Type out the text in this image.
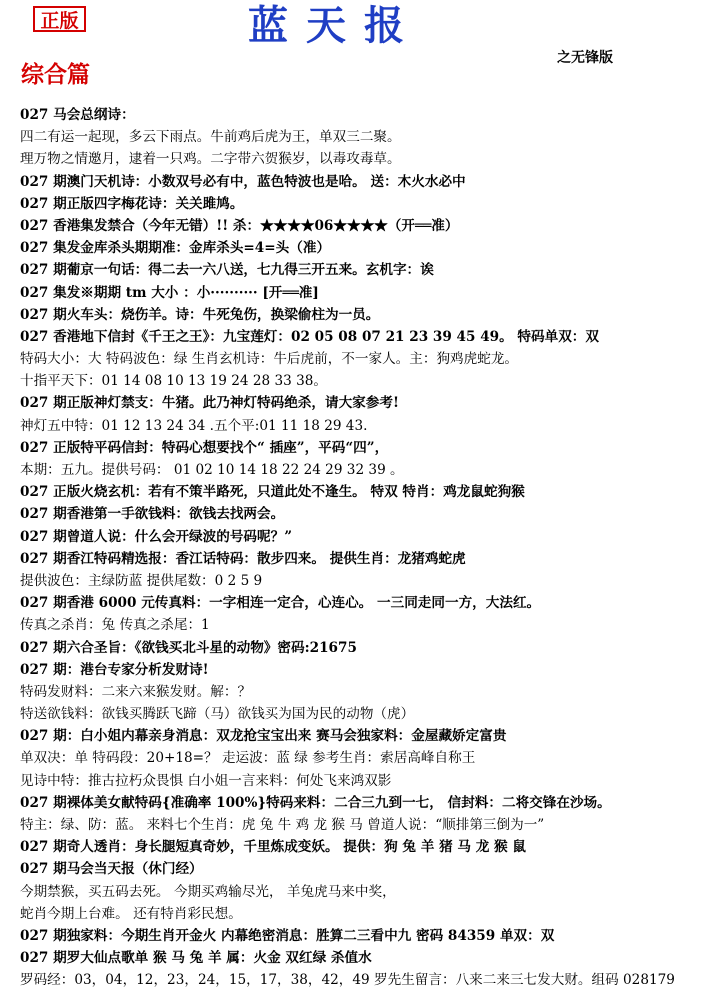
正版	蓝天报
之无锋版
综合篇
027 马会总纲诗：
四二有运一起现，多云下雨点。牛前鸡后虎为王，单双三二聚。
理万物之情邀月，逮着一只鸡。二字带六贺猴岁，以毒攻毒草。
027 期澳门天机诗：小数双号必有中，蓝色特波也是哈。 送：木火水必中
027 期正版四字梅花诗：关关雎鸠。
027 香港集发禁合（今年无错）!! 杀：★★★★06★★★★（开══准）
027 集发金库杀头期期准：金库杀头=4=头（准）
027 期葡京一句话：得二去一六八送，七九得三开五来。玄机字：诶
027 集发※期期 tm 大小 ：小·········· [开══准]
027 期火车头：烧伤羊。诗：牛死兔伤，换梁偷柱为一员。
027 香港地下信封《千王之王》：九宝莲灯：02 05 08 07 21 23 39 45 49。 特码单双：双
特码大小：大 特码波色：绿 生肖玄机诗：牛后虎前，不一家人。主：狗鸡虎蛇龙。
十指平天下：01 14 08 10 13 19 24 28 33 38。
027 期正版神灯禁支：牛猪。此乃神灯特码绝杀，请大家参考!
神灯五中特：01 12 13 24 34 .五个平:01 11 18 29 43.
027 正版特平码信封：特码心想要找个“ 插座”，平码“四”，
本期：五九。提供号码： 01 02 10 14 18 22 24 29 32 39 。
027 正版火烧玄机：若有不策半路死，只道此处不逢生。 特双 特肖：鸡龙鼠蛇狗猴
027 期香港第一手欲钱料：欲钱去找两会。
027 期曾道人说：什么会开绿波的号码呢？”
027 期香江特码精选报：香江话特码：散步四来。 提供生肖：龙猪鸡蛇虎
提供波色：主绿防蓝 提供尾数：0 2 5 9
027 期香港 6000 元传真料：一字相连一定合，心连心。 一三同走同一方，大法红。
传真之杀肖：兔 传真之杀尾：1
027 期六合圣旨：《欲钱买北斗星的动物》密码:21675
027 期：港台专家分析发财诗!
特码发财料：二来六来猴发财。解：？
特送欲钱料：欲钱买腾跃飞蹄（马）欲钱买为国为民的动物（虎）
027 期：白小姐内幕亲身消息：双龙抢宝宝出来 赛马会独家料：金屋藏娇定富贵
单双决：单 特码段：20+18=？ 走运波：蓝 绿 参考生肖：索居高峰自称王
见诗中特：推古拉朽众畏惧 白小姐一言来料：何处飞来鸿双影
027 期裸体美女献特码{准确率 100%}特码来料：二合三九到一七， 信封料：二将交锋在沙场。
特主：绿、防：蓝。 来料七个生肖：虎 兔 牛 鸡 龙 猴 马 曾道人说：“顺排第三倒为一”
027 期奇人透肖：身长腿短真奇妙，千里炼成变妖。 提供：狗 兔 羊 猪 马 龙 猴 鼠
027 期马会当天报（休门经）
今期禁猴，买五码去死。 今期买鸡输尽光， 羊兔虎马来中奖，
蛇肖今期上台难。 还有特肖彩民想。
027 期独家料：今期生肖开金火 内幕绝密消息：胜算二三看中九 密码 84359 单双：双
027 期罗大仙点歌单 猴 马 兔 羊 属：火金 双红绿 杀值水
罗码经：03，04，12，23，24，15，17，38，42，49 罗先生留言：八来二来三七发大财。组码 028179
